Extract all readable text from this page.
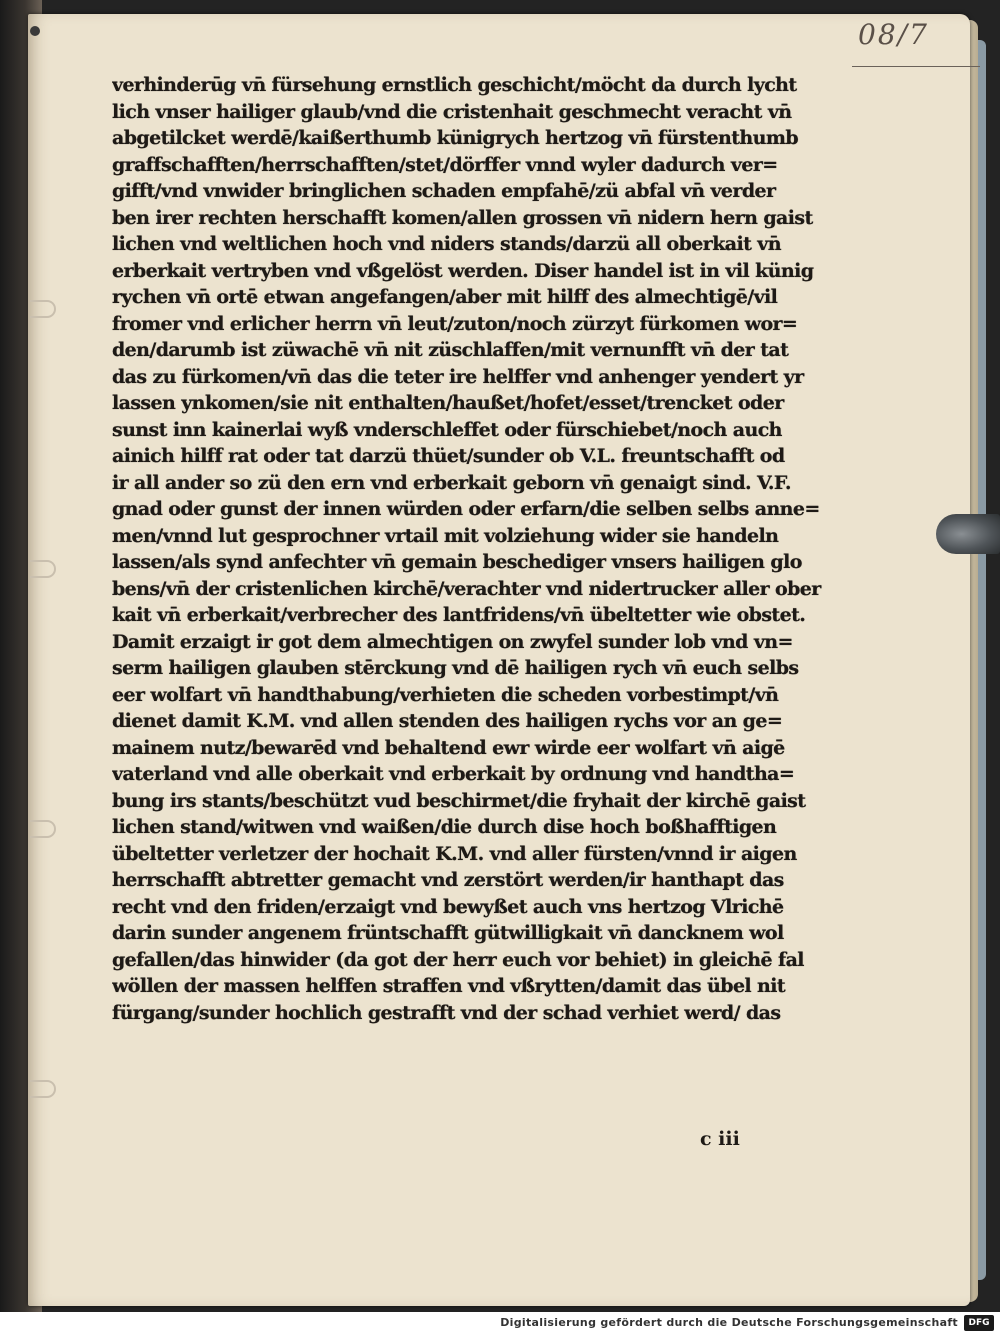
08/7
verhinderūg vn̄ fürsehung ernstlich geschicht/möcht da durch lycht
lich vnser hailiger glaub/vnd die cristenhait geschmecht veracht vn̄
abgetilcket werdē/kaißerthumb künigrych hertzog vn̄ fürstenthumb
graffschafften/herrschafften/stet/dörffer vnnd wyler dadurch ver=
gifft/vnd vnwider bringlichen schaden empfahē/zü abfal vn̄ verder
ben irer rechten herschafft komen/allen grossen vn̄ nidern hern gaist
lichen vnd weltlichen hoch vnd niders stands/darzü all oberkait vn̄
erberkait vertryben vnd vßgelöst werden. Diser handel ist in vil künig
rychen vn̄ ortē etwan angefangen/aber mit hilff des almechtigē/vil
fromer vnd erlicher herrn vn̄ leut/zuton/noch zürzyt fürkomen wor=
den/darumb ist züwachē vn̄ nit züschlaffen/mit vernunfft vn̄ der tat
das zu fürkomen/vn̄ das die teter ire helffer vnd anhenger yendert yr
lassen ynkomen/sie nit enthalten/haußet/hofet/esset/trencket oder
sunst inn kainerlai wyß vnderschleffet oder fürschiebet/noch auch
ainich hilff rat oder tat darzü thüet/sunder ob V.L. freuntschafft od
ir all ander so zü den ern vnd erberkait geborn vn̄ genaigt sind. V.F.
gnad oder gunst der innen würden oder erfarn/die selben selbs anne=
men/vnnd lut gesprochner vrtail mit volziehung wider sie handeln
lassen/als synd anfechter vn̄ gemain beschediger vnsers hailigen glo
bens/vn̄ der cristenlichen kirchē/verachter vnd nidertrucker aller ober
kait vn̄ erberkait/verbrecher des lantfridens/vn̄ übeltetter wie obstet.
Damit erzaigt ir got dem almechtigen on zwyfel sunder lob vnd vn=
serm hailigen glauben stērckung vnd dē hailigen rych vn̄ euch selbs
eer wolfart vn̄ handthabung/verhieten die scheden vorbestimpt/vn̄
dienet damit K.M. vnd allen stenden des hailigen rychs vor an ge=
mainem nutz/bewarēd vnd behaltend ewr wirde eer wolfart vn̄ aigē
vaterland vnd alle oberkait vnd erberkait by ordnung vnd handtha=
bung irs stants/beschützt vud beschirmet/die fryhait der kirchē gaist
lichen stand/witwen vnd waißen/die durch dise hoch boßhafftigen
übeltetter verletzer der hochait K.M. vnd aller fürsten/vnnd ir aigen
herrschafft abtretter gemacht vnd zerstört werden/ir hanthapt das
recht vnd den friden/erzaigt vnd bewyßet auch vns hertzog Vlrichē
darin sunder angenem früntschafft gütwilligkait vn̄ dancknem wol
gefallen/das hinwider (da got der herr euch vor behiet) in gleichē fal
wöllen der massen helffen straffen vnd vßrytten/damit das übel nit
fürgang/sunder hochlich gestrafft vnd der schad verhiet werd/ das
c iii
Digitalisierung gefördert durch die Deutsche Forschungsgemeinschaft	DFG
